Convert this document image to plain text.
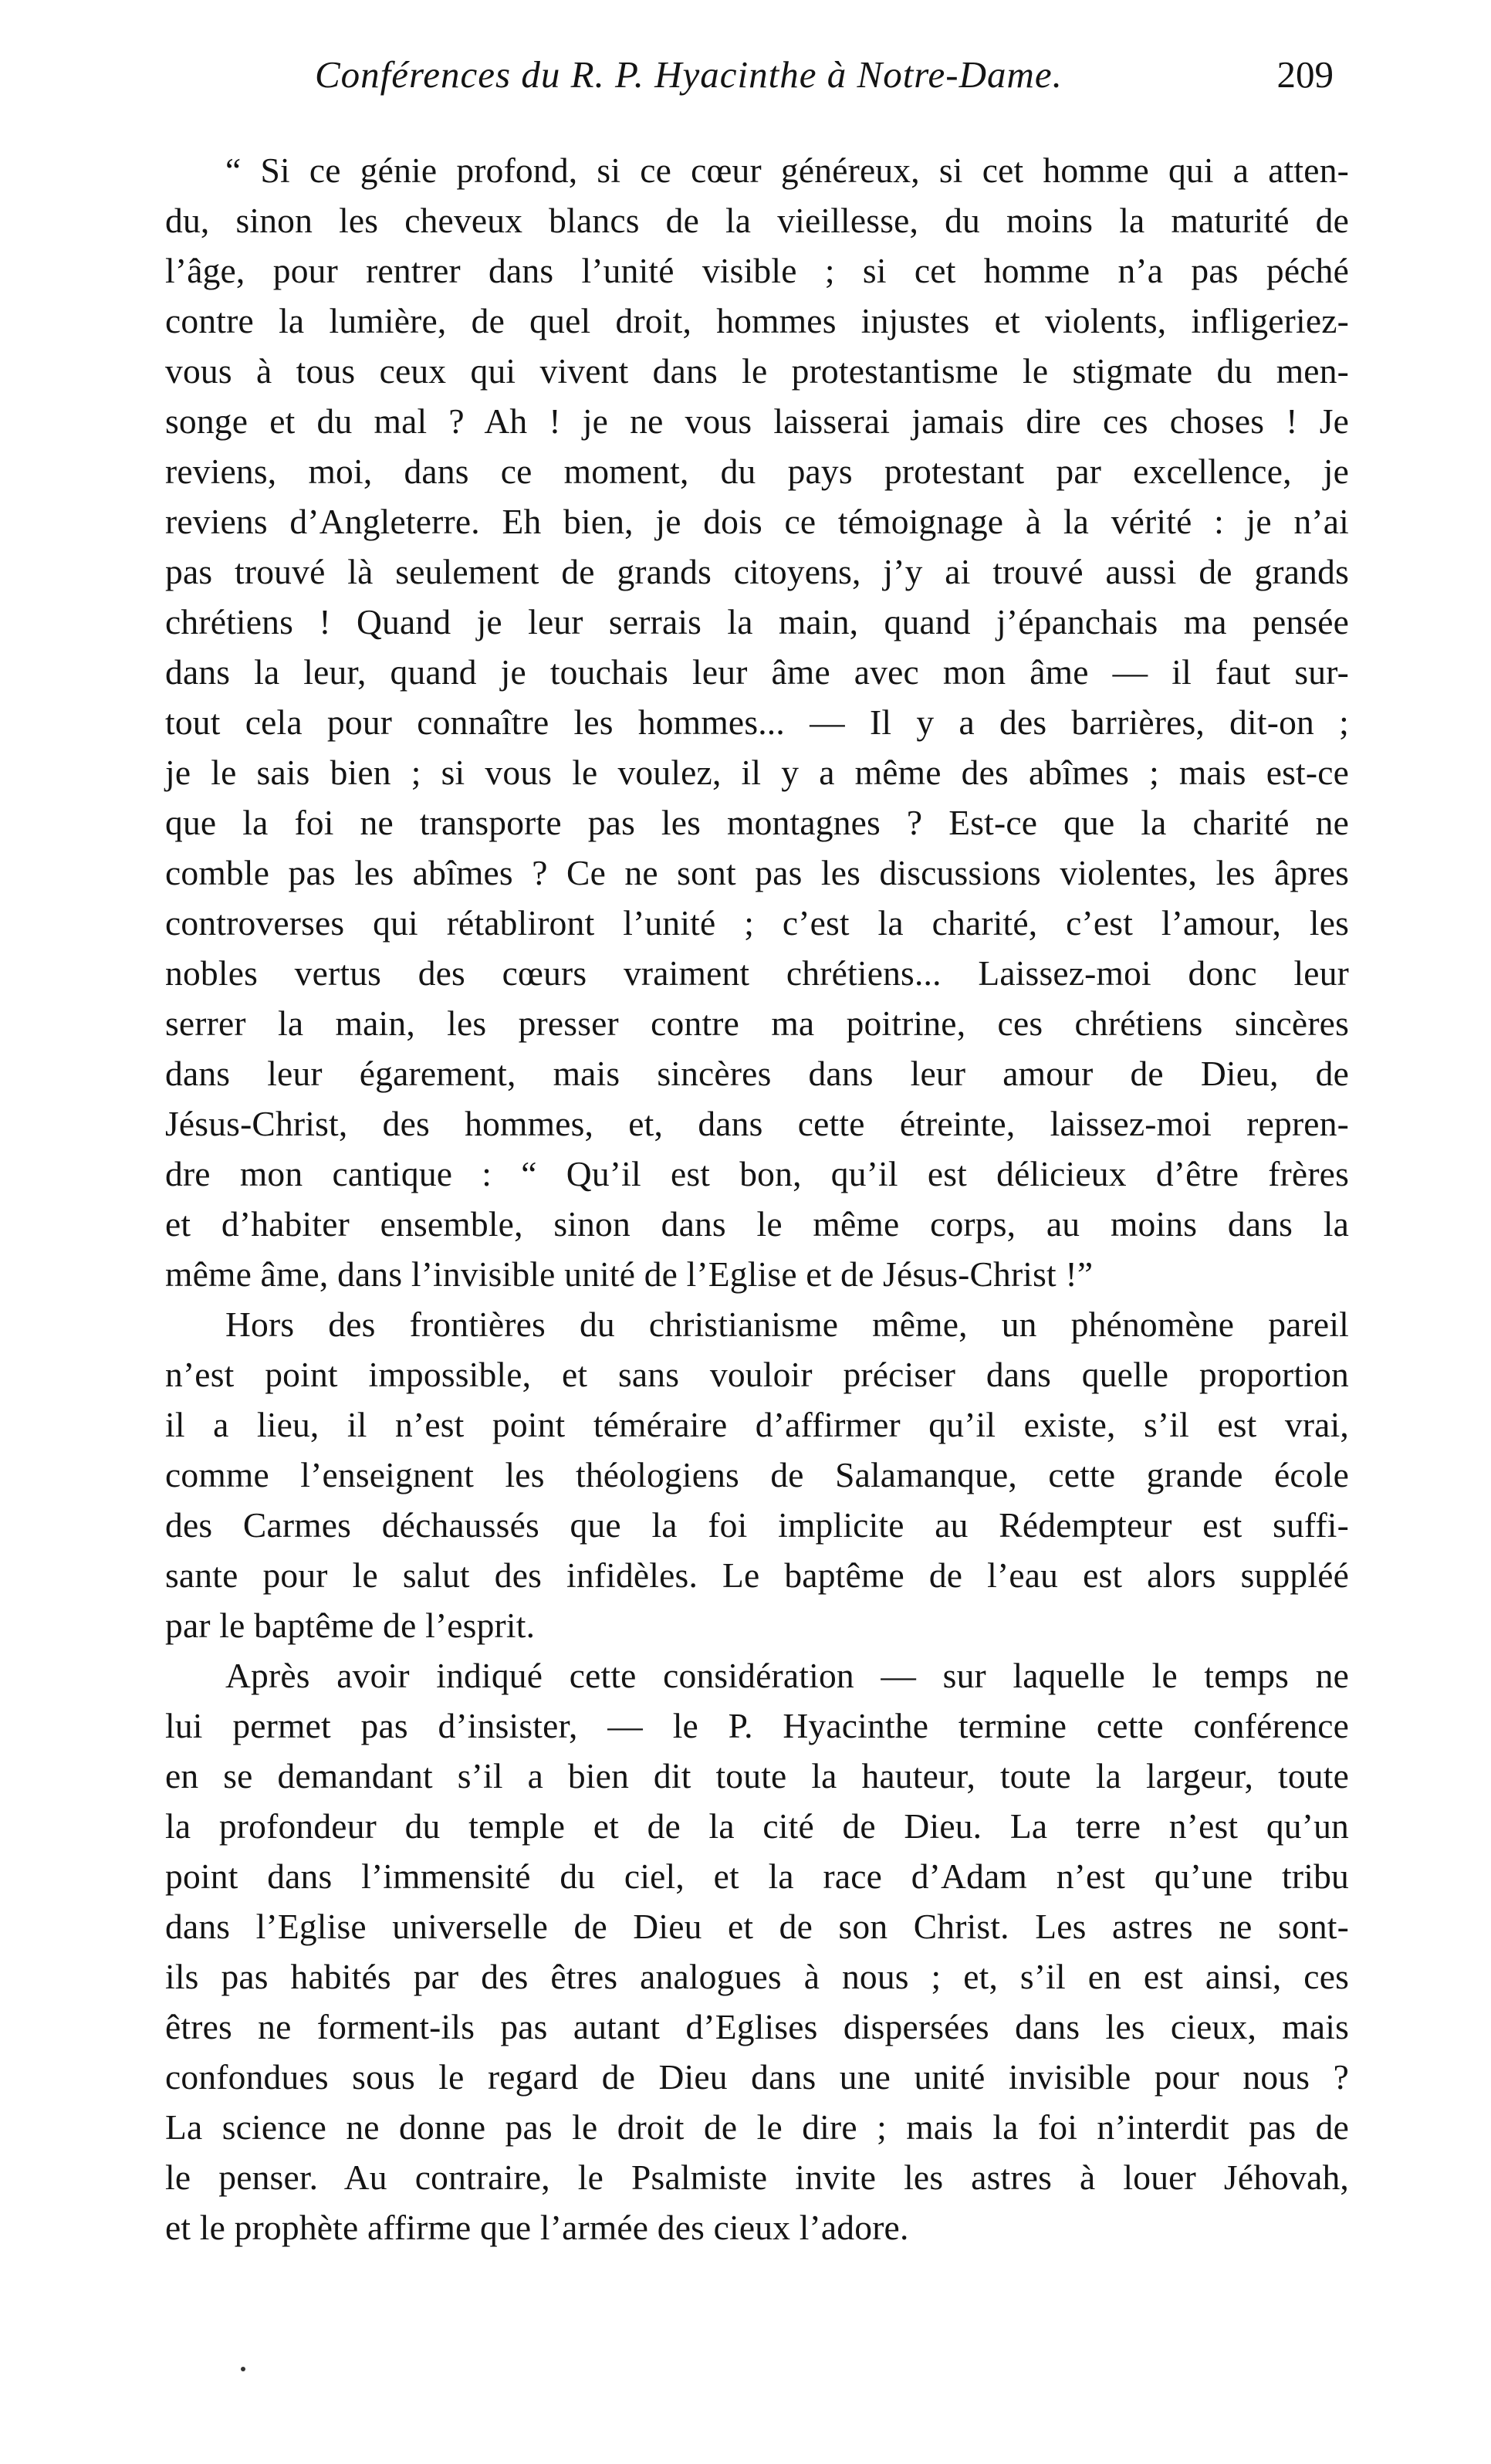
Conférences du R. P. Hyacinthe à Notre-Dame.	209
“ Si ce génie profond, si ce cœur généreux, si cet homme qui a atten-
du, sinon les cheveux blancs de la vieillesse, du moins la maturité de
l’âge, pour rentrer dans l’unité visible ; si cet homme n’a pas péché
contre la lumière, de quel droit, hommes injustes et violents, infligeriez-
vous à tous ceux qui vivent dans le protestantisme le stigmate du men-
songe et du mal ? Ah ! je ne vous laisserai jamais dire ces choses ! Je
reviens, moi, dans ce moment, du pays protestant par excellence, je
reviens d’Angleterre. Eh bien, je dois ce témoignage à la vérité : je n’ai
pas trouvé là seulement de grands citoyens, j’y ai trouvé aussi de grands
chrétiens ! Quand je leur serrais la main, quand j’épanchais ma pensée
dans la leur, quand je touchais leur âme avec mon âme — il faut sur-
tout cela pour connaître les hommes... — Il y a des barrières, dit-on ;
je le sais bien ; si vous le voulez, il y a même des abîmes ; mais est-ce
que la foi ne transporte pas les montagnes ? Est-ce que la charité ne
comble pas les abîmes ? Ce ne sont pas les discussions violentes, les âpres
controverses qui rétabliront l’unité ; c’est la charité, c’est l’amour, les
nobles vertus des cœurs vraiment chrétiens... Laissez-moi donc leur
serrer la main, les presser contre ma poitrine, ces chrétiens sincères
dans leur égarement, mais sincères dans leur amour de Dieu, de
Jésus-Christ, des hommes, et, dans cette étreinte, laissez-moi repren-
dre mon cantique : “ Qu’il est bon, qu’il est délicieux d’être frères
et d’habiter ensemble, sinon dans le même corps, au moins dans la
même âme, dans l’invisible unité de l’Eglise et de Jésus-Christ !”
Hors des frontières du christianisme même, un phénomène pareil
n’est point impossible, et sans vouloir préciser dans quelle proportion
il a lieu, il n’est point téméraire d’affirmer qu’il existe, s’il est vrai,
comme l’enseignent les théologiens de Salamanque, cette grande école
des Carmes déchaussés que la foi implicite au Rédempteur est suffi-
sante pour le salut des infidèles. Le baptême de l’eau est alors suppléé
par le baptême de l’esprit.
Après avoir indiqué cette considération — sur laquelle le temps ne
lui permet pas d’insister, — le P. Hyacinthe termine cette conférence
en se demandant s’il a bien dit toute la hauteur, toute la largeur, toute
la profondeur du temple et de la cité de Dieu. La terre n’est qu’un
point dans l’immensité du ciel, et la race d’Adam n’est qu’une tribu
dans l’Eglise universelle de Dieu et de son Christ. Les astres ne sont-
ils pas habités par des êtres analogues à nous ; et, s’il en est ainsi, ces
êtres ne forment-ils pas autant d’Eglises dispersées dans les cieux, mais
confondues sous le regard de Dieu dans une unité invisible pour nous ?
La science ne donne pas le droit de le dire ; mais la foi n’interdit pas de
le penser. Au contraire, le Psalmiste invite les astres à louer Jéhovah,
et le prophète affirme que l’armée des cieux l’adore.
